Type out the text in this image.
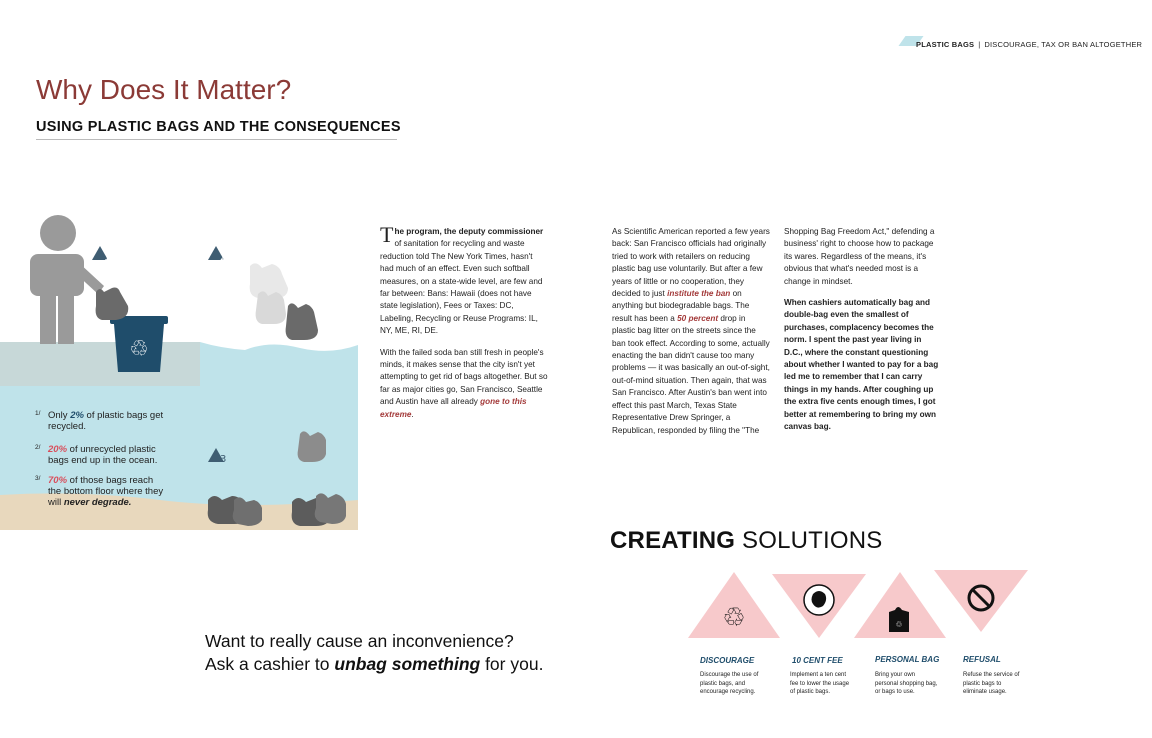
PLASTIC BAGS | DISCOURAGE, TAX OR BAN ALTOGETHER
Why Does It Matter?
USING PLASTIC BAGS AND THE CONSEQUENCES
♲
1	2
3
1/ Only 2% of plastic bags get recycled.
2/ 20% of unrecycled plastic bags end up in the ocean.
3/ 70% of those bags reach the bottom floor where they will never degrade.

The program, the deputy commissioner of sanitation for recycling and waste reduction told The New York Times, hasn't had much of an effect. Even such softball measures, on a state-wide level, are few and far between: Bans: Hawaii (does not have state legislation), Fees or Taxes: DC, Labeling, Recycling or Reuse Programs: IL, NY, ME, RI, DE.

With the failed soda ban still fresh in people's minds, it makes sense that the city isn't yet attempting to get rid of bags altogether. But so far as major cities go, San Francisco, Seattle and Austin have all already gone to this extreme.

As Scientific American reported a few years back: San Francisco officials had originally tried to work with retailers on reducing plastic bag use voluntarily. But after a few years of little or no cooperation, they decided to just institute the ban on anything but biodegradable bags. The result has been a 50 percent drop in plastic bag litter on the streets since the ban took effect. According to some, actually enacting the ban didn't cause too many problems — it was basically an out-of-sight, out-of-mind situation. Then again, that was San Francisco. After Austin's ban went into effect this past March, Texas State Representative Drew Springer, a Republican, responded by filing the "The

Shopping Bag Freedom Act," defending a business' right to choose how to package its wares. Regardless of the means, it's obvious that what's needed most is a change in mindset.

When cashiers automatically bag and double-bag even the smallest of purchases, complacency becomes the norm. I spent the past year living in D.C., where the constant questioning about whether I wanted to pay for a bag led me to remember that I can carry things in my hands. After coughing up the extra five cents enough times, I got better at remembering to bring my own canvas bag.

Want to really cause an inconvenience?
Ask a cashier to unbag something for you.
CREATING SOLUTIONS
♲	♲
DISCOURAGE
Discourage the use of plastic bags, and encourage recycling.
10 CENT FEE
Implement a ten cent fee to lower the usage of plastic bags.
PERSONAL BAG
Bring your own personal shopping bag, or bags to use.
REFUSAL
Refuse the service of plastic bags to eliminate usage.
